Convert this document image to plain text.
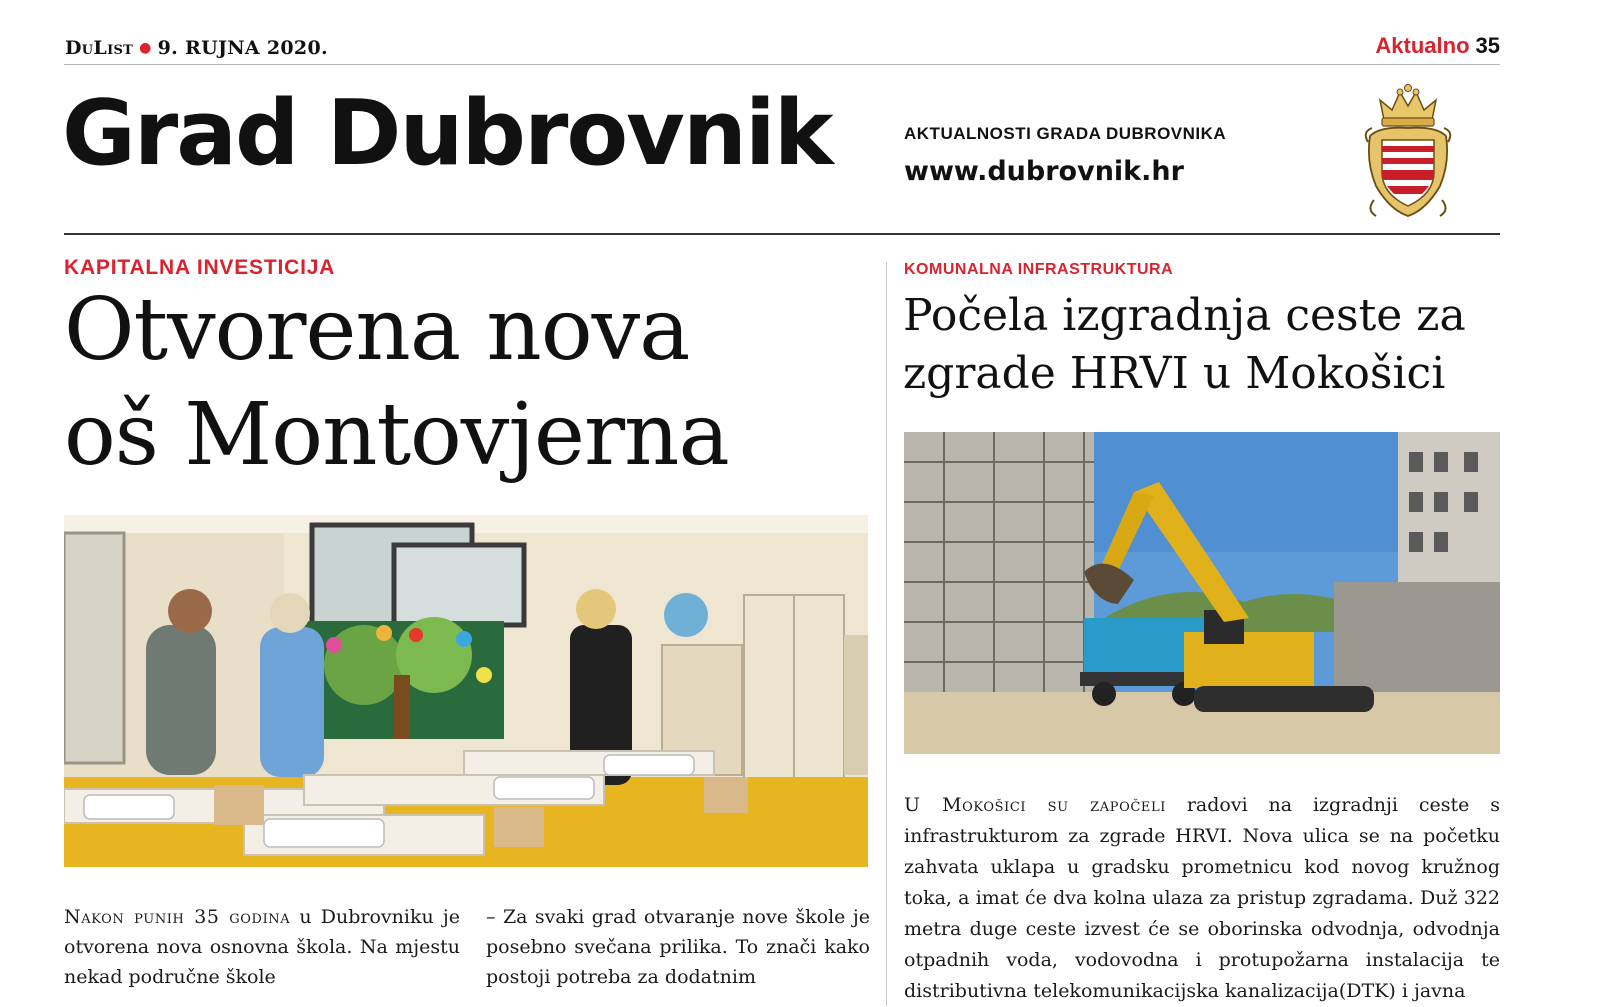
DuList ● 9. RUJNA 2020.	Aktualno 35
Grad Dubrovnik	AKTUALNOSTI GRADA DUBROVNIKA
www.dubrovnik.hr
KAPITALNA INVESTICIJA
Otvorena nova
oš Montovjerna
Nakon punih 35 godina u Dubrovniku je otvorena nova osnovna škola. Na mjestu nekad područne škole
– Za svaki grad otvaranje nove škole je posebno svečana prilika. To znači kako postoji potreba za dodatnim
KOMUNALNA INFRASTRUKTURA
Počela izgradnja ceste za
zgrade HRVI u Mokošici
U Mokošici su započeli radovi na izgradnji ceste s infrastrukturom za zgrade HRVI. Nova ulica se na početku zahvata uklapa u gradsku prometnicu kod novog kružnog toka, a imat će dva kolna ulaza za pristup zgradama. Duž 322 metra duge ceste izvest će se oborinska odvodnja, odvodnja otpadnih voda, vodovodna i protupožarna instalacija te distributivna telekomunikacijska kanalizacija(DTK) i javna
